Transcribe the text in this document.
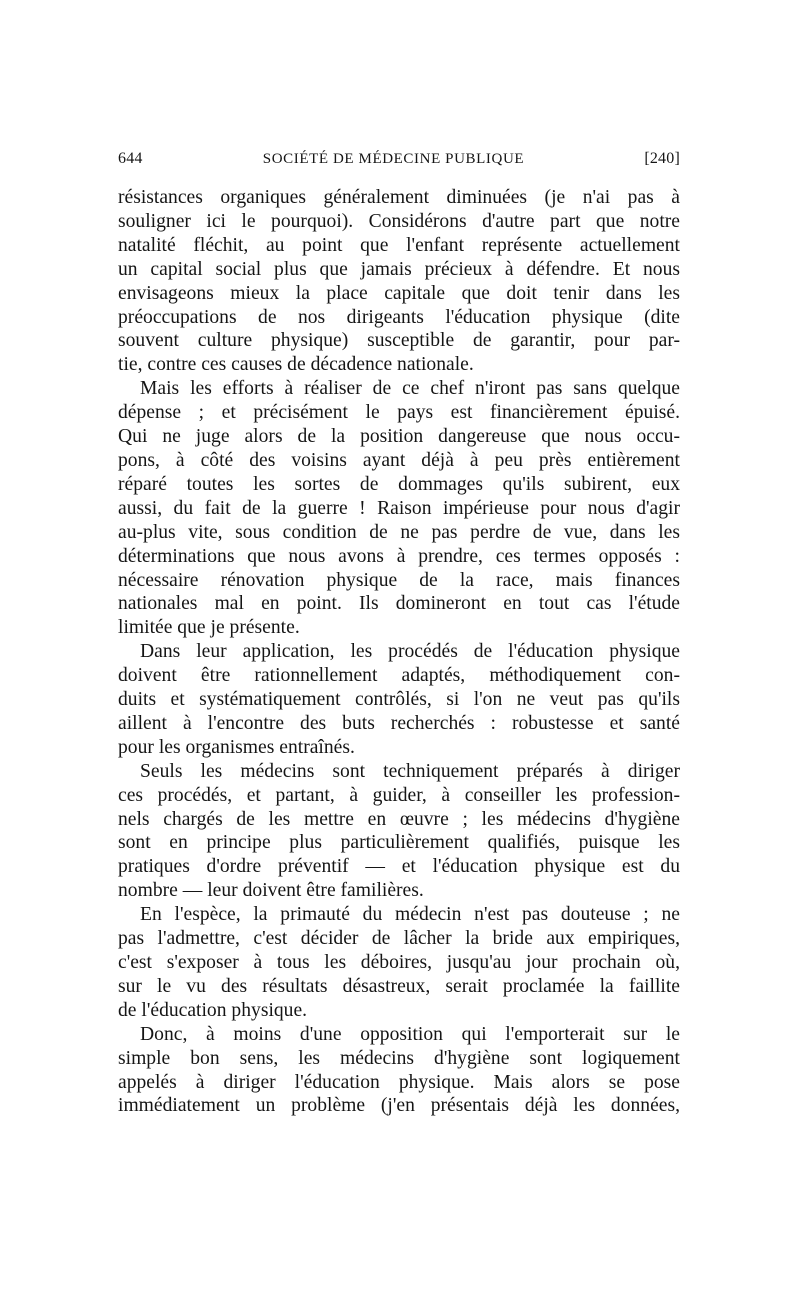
644	SOCIÉTÉ DE MÉDECINE PUBLIQUE	[240]
résistances organiques généralement diminuées (je n'ai pas à
souligner ici le pourquoi). Considérons d'autre part que notre
natalité fléchit, au point que l'enfant représente actuellement
un capital social plus que jamais précieux à défendre. Et nous
envisageons mieux la place capitale que doit tenir dans les
préoccupations de nos dirigeants l'éducation physique (dite
souvent culture physique) susceptible de garantir, pour par-
tie, contre ces causes de décadence nationale.
Mais les efforts à réaliser de ce chef n'iront pas sans quelque
dépense ; et précisément le pays est financièrement épuisé.
Qui ne juge alors de la position dangereuse que nous occu-
pons, à côté des voisins ayant déjà à peu près entièrement
réparé toutes les sortes de dommages qu'ils subirent, eux
aussi, du fait de la guerre ! Raison impérieuse pour nous d'agir
au-plus vite, sous condition de ne pas perdre de vue, dans les
déterminations que nous avons à prendre, ces termes opposés :
nécessaire rénovation physique de la race, mais finances
nationales mal en point. Ils domineront en tout cas l'étude
limitée que je présente.
Dans leur application, les procédés de l'éducation physique
doivent être rationnellement adaptés, méthodiquement con-
duits et systématiquement contrôlés, si l'on ne veut pas qu'ils
aillent à l'encontre des buts recherchés : robustesse et santé
pour les organismes entraînés.
Seuls les médecins sont techniquement préparés à diriger
ces procédés, et partant, à guider, à conseiller les profession-
nels chargés de les mettre en œuvre ; les médecins d'hygiène
sont en principe plus particulièrement qualifiés, puisque les
pratiques d'ordre préventif — et l'éducation physique est du
nombre — leur doivent être familières.
En l'espèce, la primauté du médecin n'est pas douteuse ; ne
pas l'admettre, c'est décider de lâcher la bride aux empiriques,
c'est s'exposer à tous les déboires, jusqu'au jour prochain où,
sur le vu des résultats désastreux, serait proclamée la faillite
de l'éducation physique.
Donc, à moins d'une opposition qui l'emporterait sur le
simple bon sens, les médecins d'hygiène sont logiquement
appelés à diriger l'éducation physique. Mais alors se pose
immédiatement un problème (j'en présentais déjà les données,
